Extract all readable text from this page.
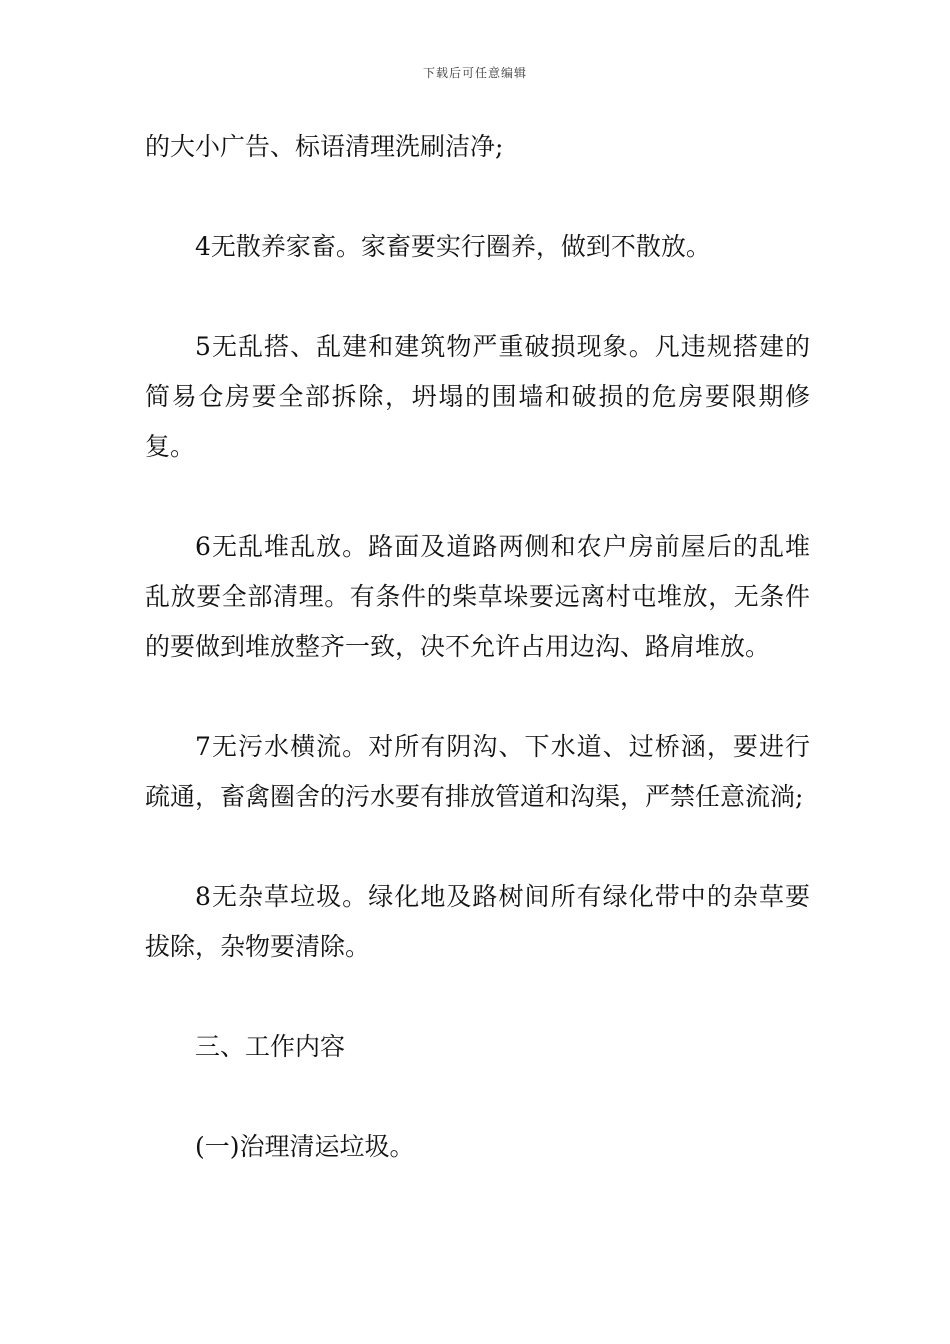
下载后可任意编辑

的大小广告、标语清理洗刷洁净;

4无散养家畜。家畜要实行圈养，做到不散放。

5无乱搭、乱建和建筑物严重破损现象。凡违规搭建的简易仓房要全部拆除，坍塌的围墙和破损的危房要限期修复。

6无乱堆乱放。路面及道路两侧和农户房前屋后的乱堆乱放要全部清理。有条件的柴草垛要远离村屯堆放，无条件的要做到堆放整齐一致，决不允许占用边沟、路肩堆放。

7无污水横流。对所有阴沟、下水道、过桥涵，要进行疏通，畜禽圈舍的污水要有排放管道和沟渠，严禁任意流淌;

8无杂草垃圾。绿化地及路树间所有绿化带中的杂草要拔除，杂物要清除。

三、工作内容

(一)治理清运垃圾。
